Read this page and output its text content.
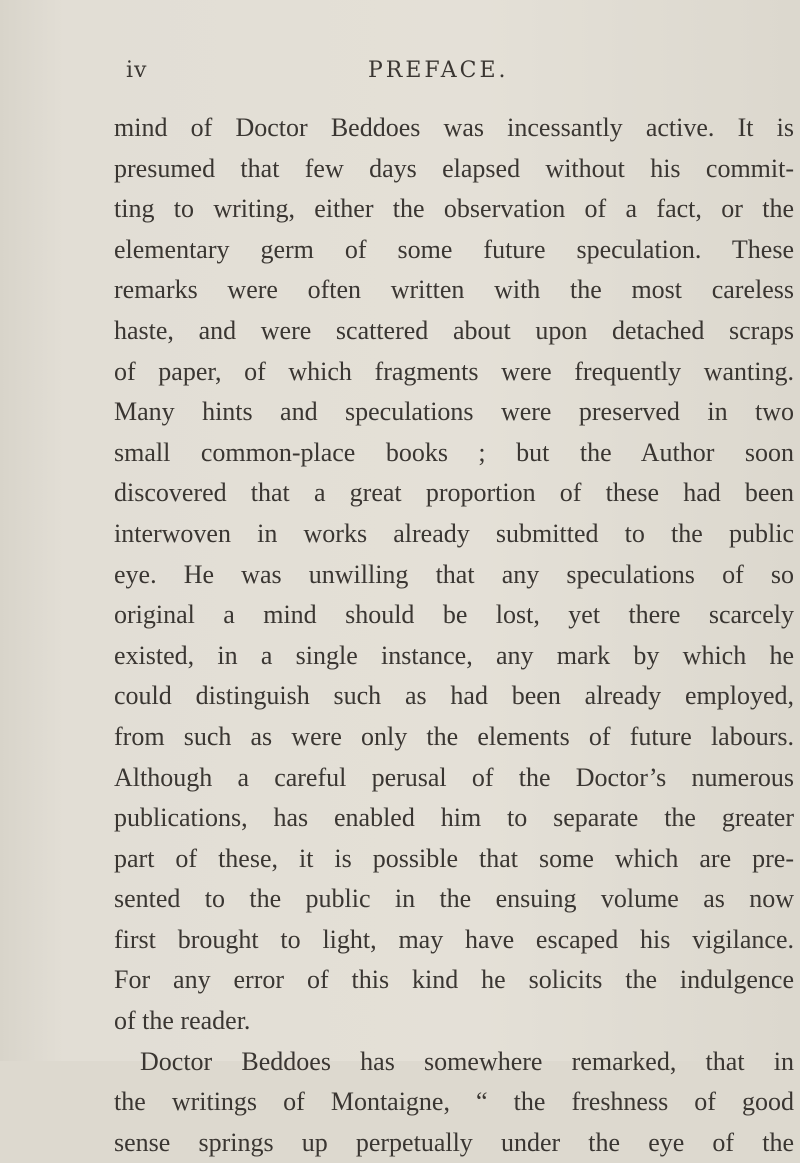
iv	PREFACE.
mind of Doctor Beddoes was incessantly active. It is
presumed that few days elapsed without his commit-
ting to writing, either the observation of a fact, or the
elementary germ of some future speculation. These
remarks were often written with the most careless
haste, and were scattered about upon detached scraps
of paper, of which fragments were frequently wanting.
Many hints and speculations were preserved in two
small common-place books ; but the Author soon
discovered that a great proportion of these had been
interwoven in works already submitted to the public
eye. He was unwilling that any speculations of so
original a mind should be lost, yet there scarcely
existed, in a single instance, any mark by which he
could distinguish such as had been already employed,
from such as were only the elements of future labours.
Although a careful perusal of the Doctor’s numerous
publications, has enabled him to separate the greater
part of these, it is possible that some which are pre-
sented to the public in the ensuing volume as now
first brought to light, may have escaped his vigilance.
For any error of this kind he solicits the indulgence
of the reader.
Doctor Beddoes has somewhere remarked, that in
the writings of Montaigne, “ the freshness of good
sense springs up perpetually under the eye of the
